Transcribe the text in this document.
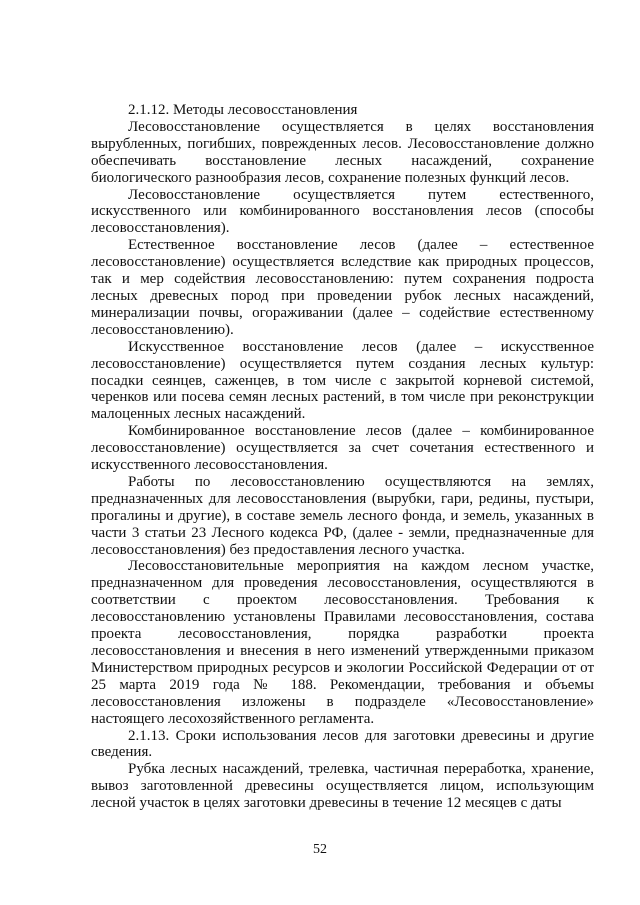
2.1.12. Методы лесовосстановления

Лесовосстановление осуществляется в целях восстановления вырубленных, погибших, поврежденных лесов. Лесовосстановление должно обеспечивать восстановление лесных насаждений, сохранение биологического разнообразия лесов, сохранение полезных функций лесов.

Лесовосстановление осуществляется путем естественного, искусственного или комбинированного восстановления лесов (способы лесовосстановления).

Естественное восстановление лесов (далее – естественное лесовосстановление) осуществляется вследствие как природных процессов, так и мер содействия лесовосстановлению: путем сохранения подроста лесных древесных пород при проведении рубок лесных насаждений, минерализации почвы, огораживании (далее – содействие естественному лесовосстановлению).

Искусственное восстановление лесов (далее – искусственное лесовосстановление) осуществляется путем создания лесных культур: посадки сеянцев, саженцев, в том числе с закрытой корневой системой, черенков или посева семян лесных растений, в том числе при реконструкции малоценных лесных насаждений.

Комбинированное восстановление лесов (далее – комбинированное лесовосстановление) осуществляется за счет сочетания естественного и искусственного лесовосстановления.

Работы по лесовосстановлению осуществляются на землях, предназначенных для лесовосстановления (вырубки, гари, редины, пустыри, прогалины и другие), в составе земель лесного фонда, и земель, указанных в части 3 статьи 23 Лесного кодекса РФ, (далее - земли, предназначенные для лесовосстановления) без предоставления лесного участка.

Лесовосстановительные мероприятия на каждом лесном участке, предназначенном для проведения лесовосстановления, осуществляются в соответствии с проектом лесовосстановления. Требования к лесовосстановлению установлены Правилами лесовосстановления, состава проекта лесовосстановления, порядка разработки проекта лесовосстановления и внесения в него изменений утвержденными приказом Министерством природных ресурсов и экологии Российской Федерации от от 25 марта 2019 года № 188. Рекомендации, требования и объемы лесовосстановления изложены в подразделе «Лесовосстановление» настоящего лесохозяйственного регламента.

2.1.13. Сроки использования лесов для заготовки древесины и другие сведения.

Рубка лесных насаждений, трелевка, частичная переработка, хранение, вывоз заготовленной древесины осуществляется лицом, использующим лесной участок в целях заготовки древесины в течение 12 месяцев с даты

52
